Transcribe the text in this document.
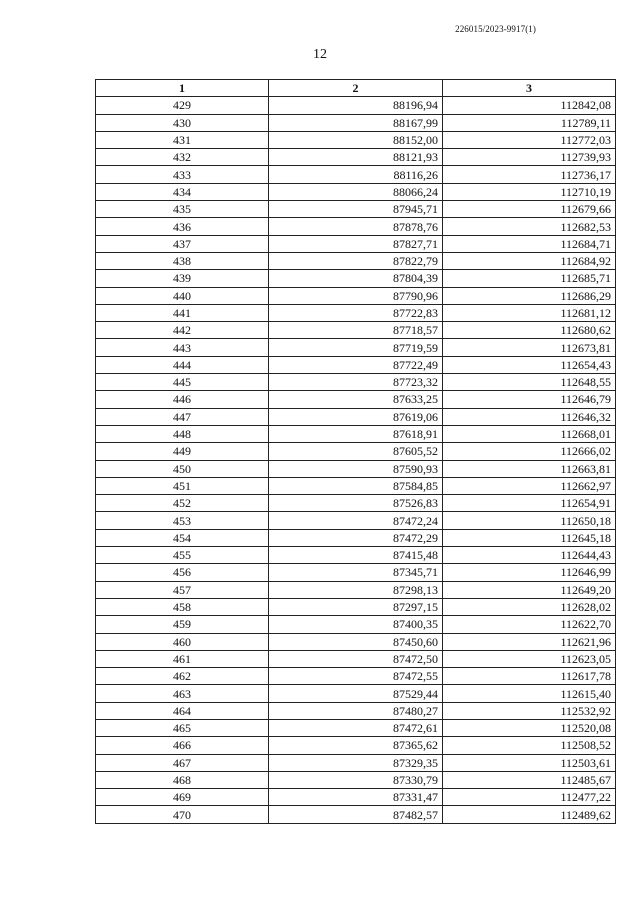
226015/2023-9917(1)
12
1	2	3
429	88196,94	112842,08
430	88167,99	112789,11
431	88152,00	112772,03
432	88121,93	112739,93
433	88116,26	112736,17
434	88066,24	112710,19
435	87945,71	112679,66
436	87878,76	112682,53
437	87827,71	112684,71
438	87822,79	112684,92
439	87804,39	112685,71
440	87790,96	112686,29
441	87722,83	112681,12
442	87718,57	112680,62
443	87719,59	112673,81
444	87722,49	112654,43
445	87723,32	112648,55
446	87633,25	112646,79
447	87619,06	112646,32
448	87618,91	112668,01
449	87605,52	112666,02
450	87590,93	112663,81
451	87584,85	112662,97
452	87526,83	112654,91
453	87472,24	112650,18
454	87472,29	112645,18
455	87415,48	112644,43
456	87345,71	112646,99
457	87298,13	112649,20
458	87297,15	112628,02
459	87400,35	112622,70
460	87450,60	112621,96
461	87472,50	112623,05
462	87472,55	112617,78
463	87529,44	112615,40
464	87480,27	112532,92
465	87472,61	112520,08
466	87365,62	112508,52
467	87329,35	112503,61
468	87330,79	112485,67
469	87331,47	112477,22
470	87482,57	112489,62
